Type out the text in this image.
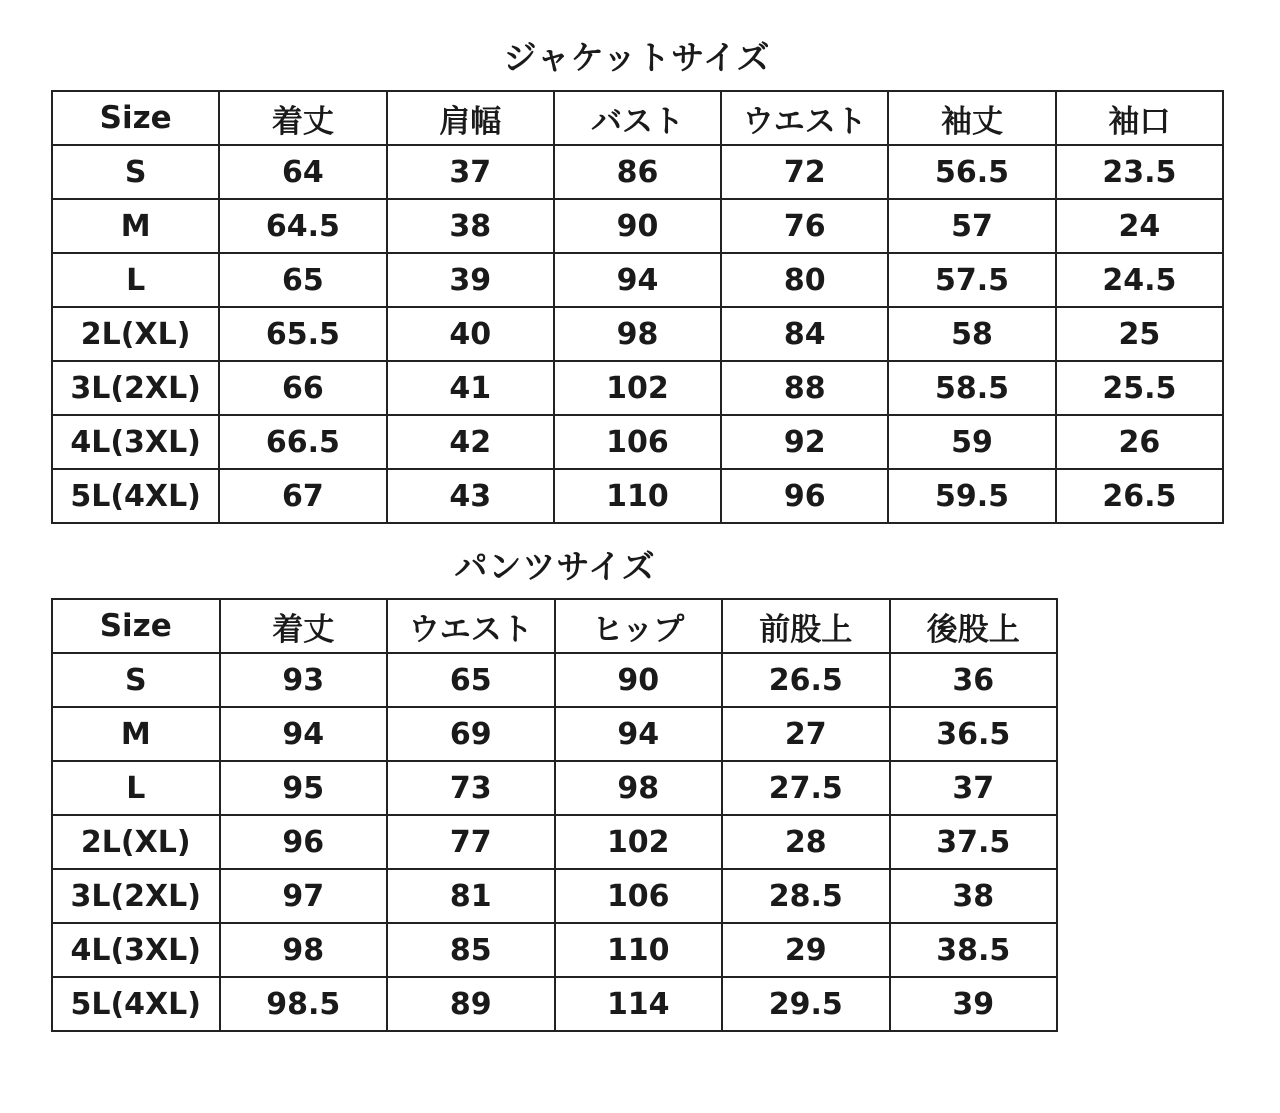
ジャケットサイズ
Size	着丈	肩幅	バスト	ウエスト	袖丈	袖口
S	64	37	86	72	56.5	23.5
M	64.5	38	90	76	57	24
L	65	39	94	80	57.5	24.5
2L(XL)	65.5	40	98	84	58	25
3L(2XL)	66	41	102	88	58.5	25.5
4L(3XL)	66.5	42	106	92	59	26
5L(4XL)	67	43	110	96	59.5	26.5
パンツサイズ
Size	着丈	ウエスト	ヒップ	前股上	後股上
S	93	65	90	26.5	36
M	94	69	94	27	36.5
L	95	73	98	27.5	37
2L(XL)	96	77	102	28	37.5
3L(2XL)	97	81	106	28.5	38
4L(3XL)	98	85	110	29	38.5
5L(4XL)	98.5	89	114	29.5	39
